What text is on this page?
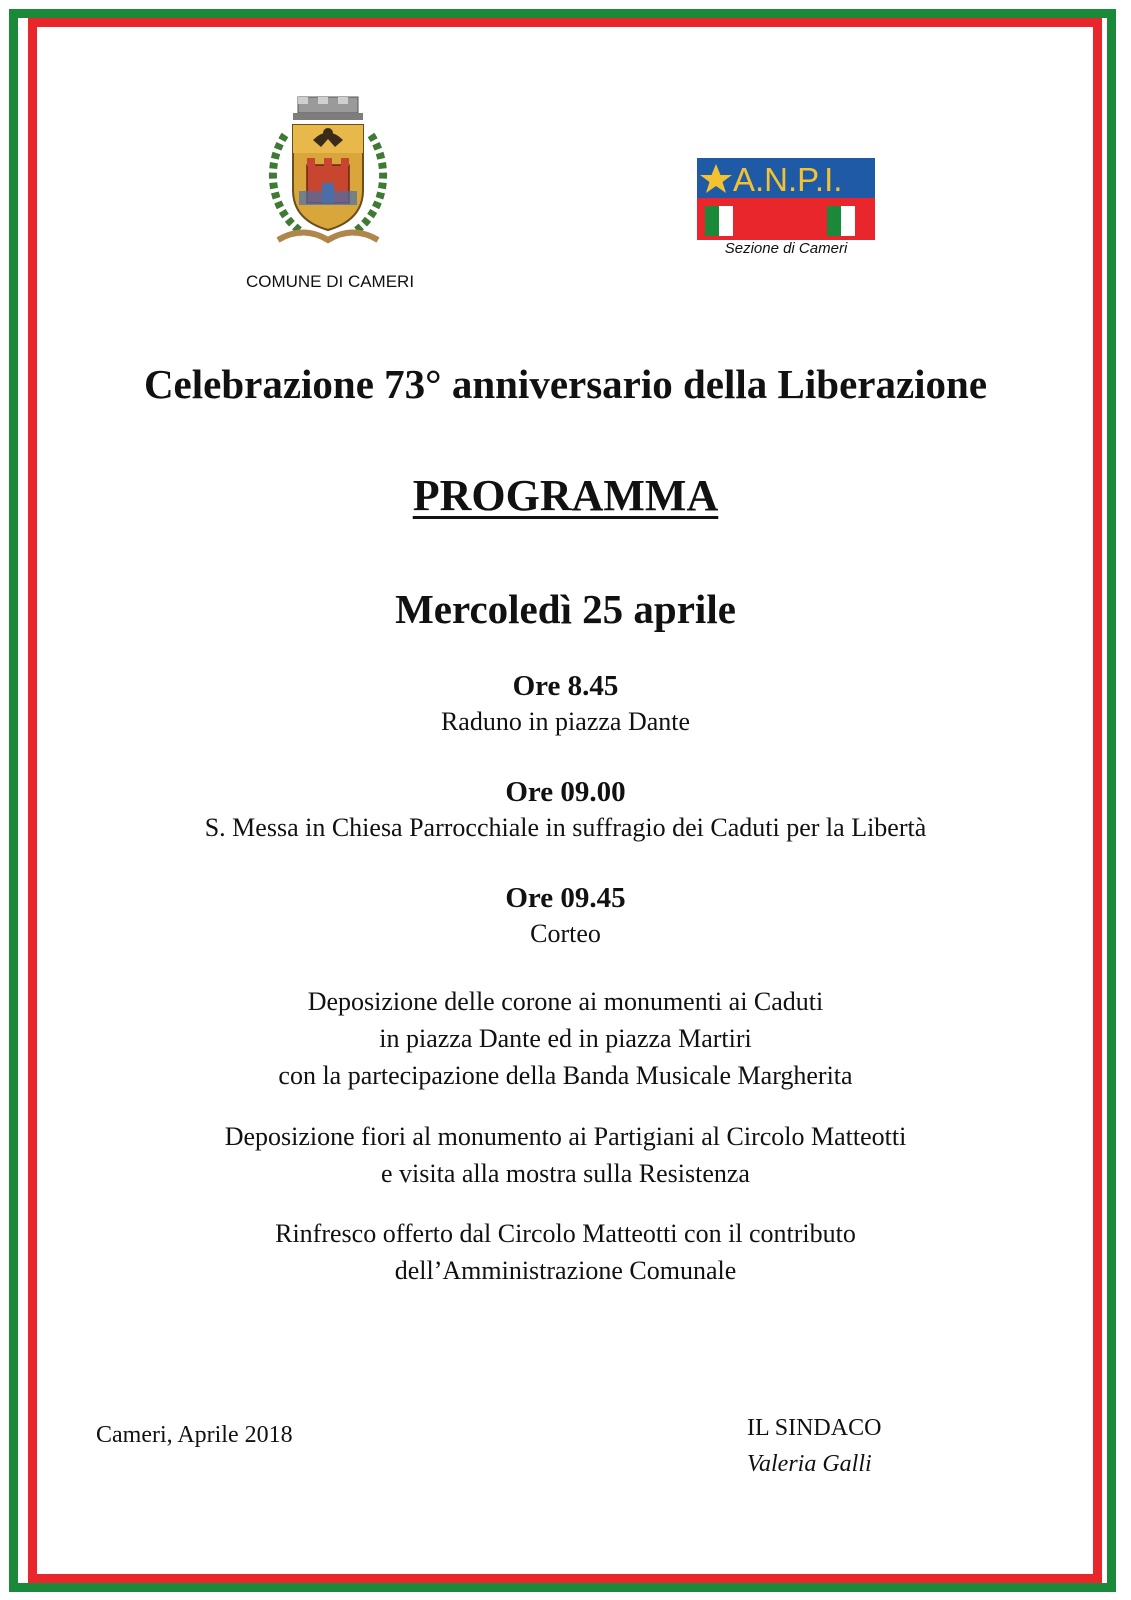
COMUNE DI CAMERI
A.N.P.I.
Sezione di Cameri
Celebrazione 73° anniversario della Liberazione
PROGRAMMA
Mercoledì 25 aprile
Ore 8.45
Raduno in piazza Dante
Ore 09.00
S. Messa in Chiesa Parrocchiale in suffragio dei Caduti per la Libertà
Ore 09.45
Corteo
Deposizione delle corone ai monumenti ai Caduti
in piazza Dante ed in piazza Martiri
con la partecipazione della Banda Musicale Margherita
Deposizione fiori al monumento ai Partigiani al Circolo Matteotti
e visita alla mostra sulla Resistenza
Rinfresco offerto dal Circolo Matteotti con il contributo
dell’Amministrazione Comunale
Cameri, Aprile 2018	IL SINDACO
Valeria Galli
